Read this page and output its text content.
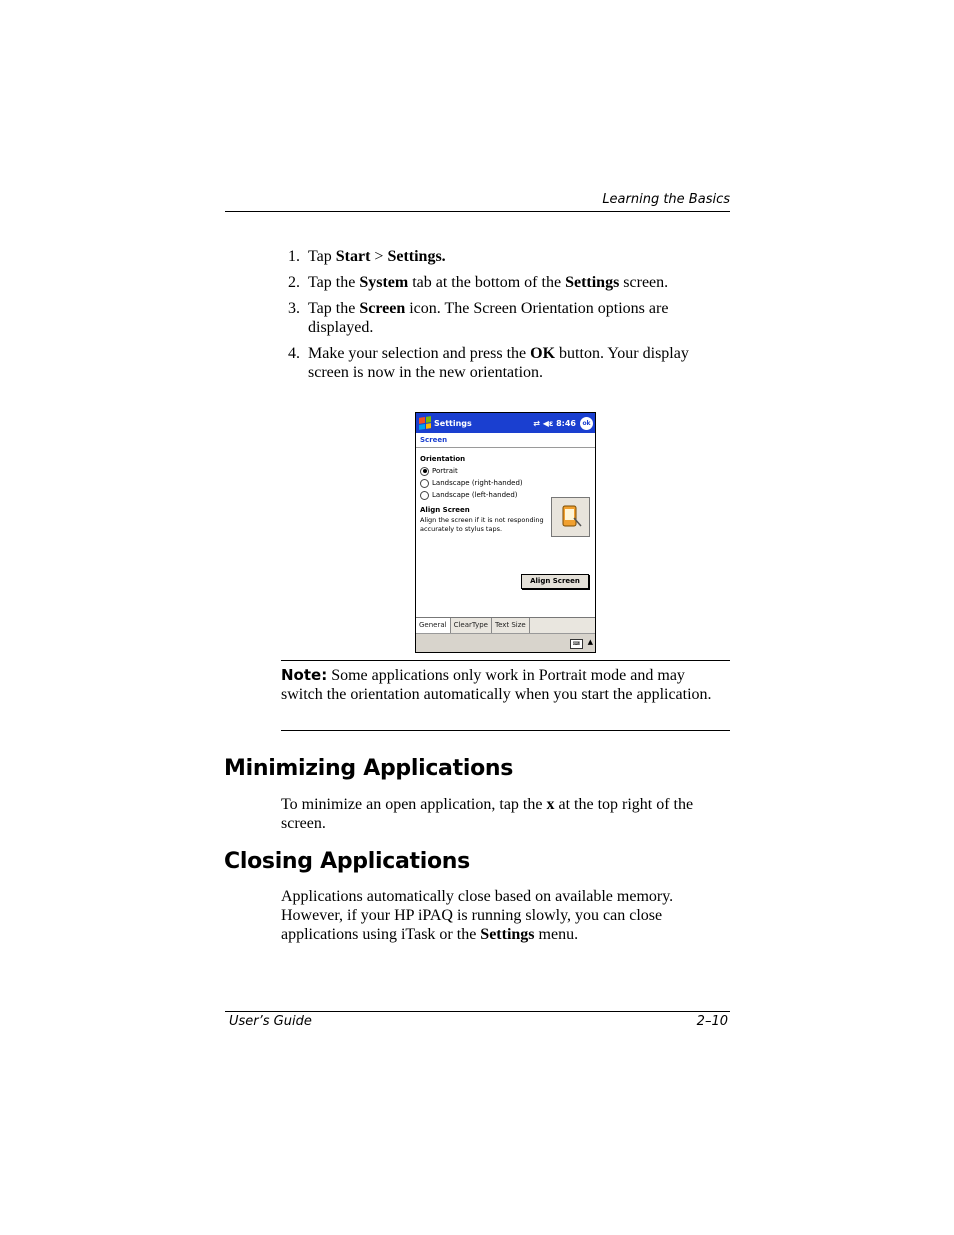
Learning the Basics
1. Tap Start > Settings.
2. Tap the System tab at the bottom of the Settings screen.
3. Tap the Screen icon. The Screen Orientation options are displayed.
4. Make your selection and press the OK button. Your display screen is now in the new orientation.
Settings	⇄ ◀ε 8:46	ok
Screen
Orientation
Portrait
Landscape (right-handed)
Landscape (left-handed)
Align Screen
Align the screen if it is not responding
accurately to stylus taps.
Align Screen
General	ClearType	Text Size
⌨	▲
Note: Some applications only work in Portrait mode and may switch the orientation automatically when you start the application.
Minimizing Applications
To minimize an open application, tap the x at the top right of the screen.
Closing Applications
Applications automatically close based on available memory. However, if your HP iPAQ is running slowly, you can close applications using iTask or the Settings menu.
User’s Guide	2–10
